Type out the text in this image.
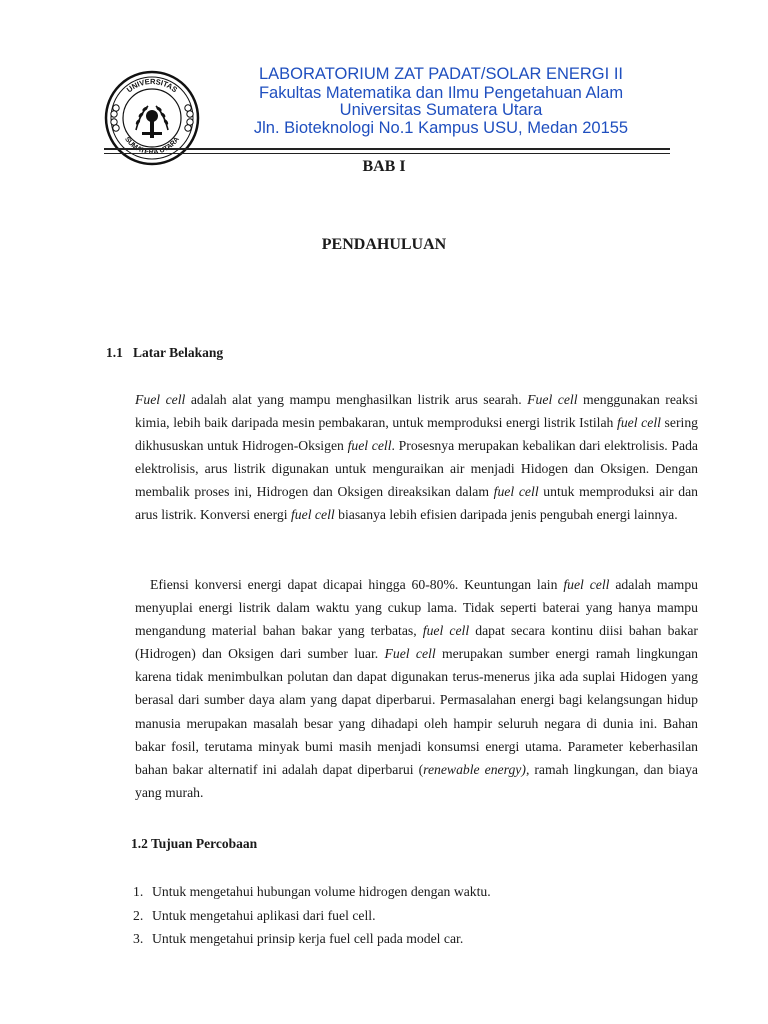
UNIVERSITAS
SUMATERA UTARA
LABORATORIUM ZAT PADAT/SOLAR ENERGI II
Fakultas Matematika dan Ilmu Pengetahuan Alam
Universitas Sumatera Utara
Jln. Bioteknologi No.1 Kampus USU, Medan 20155
BAB I
PENDAHULUAN
1.1 Latar Belakang

Fuel cell adalah alat yang mampu menghasilkan listrik arus searah. Fuel cell menggunakan reaksi kimia, lebih baik daripada mesin pembakaran, untuk memproduksi energi listrik Istilah fuel cell sering dikhususkan untuk Hidrogen-Oksigen fuel cell. Prosesnya merupakan kebalikan dari elektrolisis. Pada elektrolisis, arus listrik digunakan untuk menguraikan air menjadi Hidogen dan Oksigen. Dengan membalik proses ini, Hidrogen dan Oksigen direaksikan dalam fuel cell untuk memproduksi air dan arus listrik. Konversi energi fuel cell biasanya lebih efisien daripada jenis pengubah energi lainnya.

Efiensi konversi energi dapat dicapai hingga 60-80%. Keuntungan lain fuel cell adalah mampu menyuplai energi listrik dalam waktu yang cukup lama. Tidak seperti baterai yang hanya mampu mengandung material bahan bakar yang terbatas, fuel cell dapat secara kontinu diisi bahan bakar (Hidrogen) dan Oksigen dari sumber luar. Fuel cell merupakan sumber energi ramah lingkungan karena tidak menimbulkan polutan dan dapat digunakan terus-menerus jika ada suplai Hidogen yang berasal dari sumber daya alam yang dapat diperbarui. Permasalahan energi bagi kelangsungan hidup manusia merupakan masalah besar yang dihadapi oleh hampir seluruh negara di dunia ini. Bahan bakar fosil, terutama minyak bumi masih menjadi konsumsi energi utama. Parameter keberhasilan bahan bakar alternatif ini adalah dapat diperbarui (renewable energy), ramah lingkungan, dan biaya yang murah.

1.2 Tujuan Percobaan
1. Untuk mengetahui hubungan volume hidrogen dengan waktu.
2. Untuk mengetahui aplikasi dari fuel cell.
3. Untuk mengetahui prinsip kerja fuel cell pada model car.
